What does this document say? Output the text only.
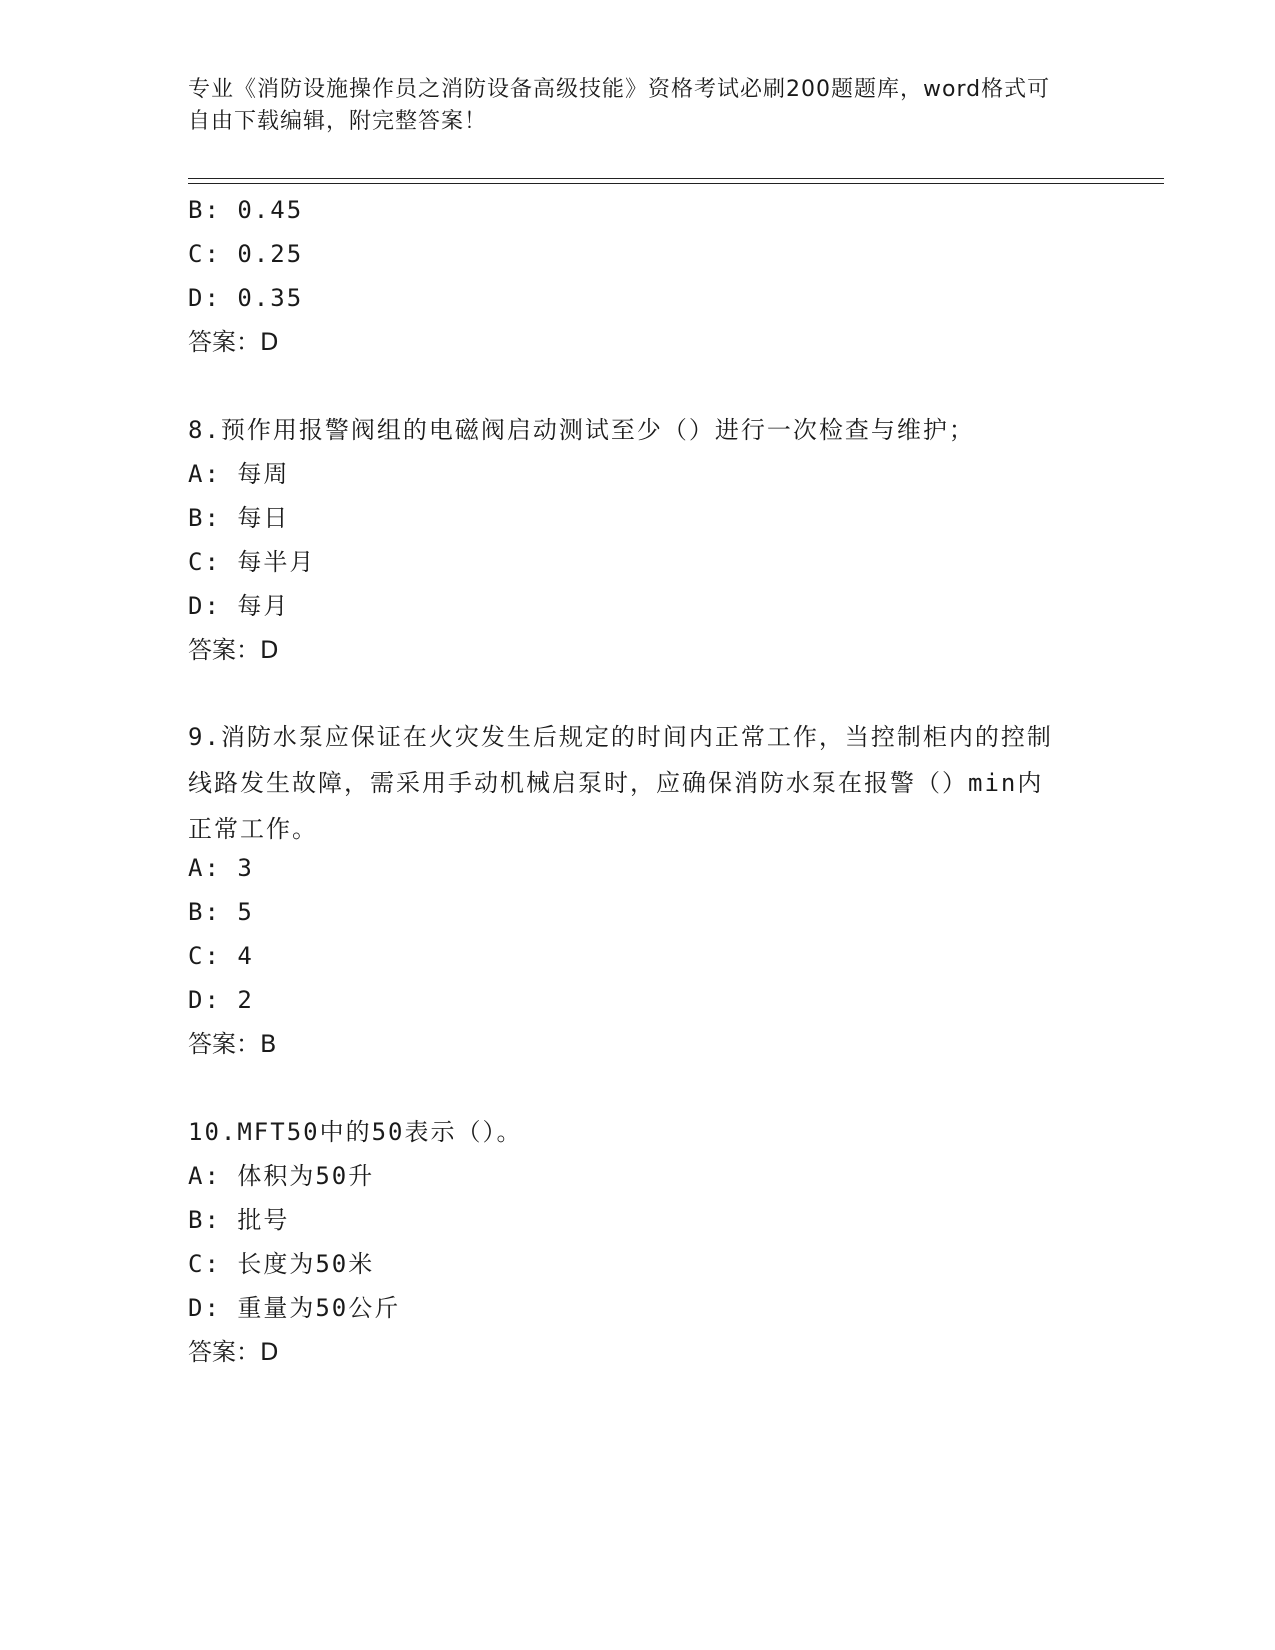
专业《消防设施操作员之消防设备高级技能》资格考试必刷200题题库，word格式可自由下载编辑，附完整答案！
B: 0.45
C: 0.25
D: 0.35
答案：D
8.预作用报警阀组的电磁阀启动测试至少（）进行一次检查与维护；
A: 每周
B: 每日
C: 每半月
D: 每月
答案：D
9.消防水泵应保证在火灾发生后规定的时间内正常工作，当控制柜内的控制线路发生故障，需采用手动机械启泵时，应确保消防水泵在报警（）min内正常工作。
A: 3
B: 5
C: 4
D: 2
答案：B
10.MFT50中的50表示（）。
A: 体积为50升
B: 批号
C: 长度为50米
D: 重量为50公斤
答案：D
